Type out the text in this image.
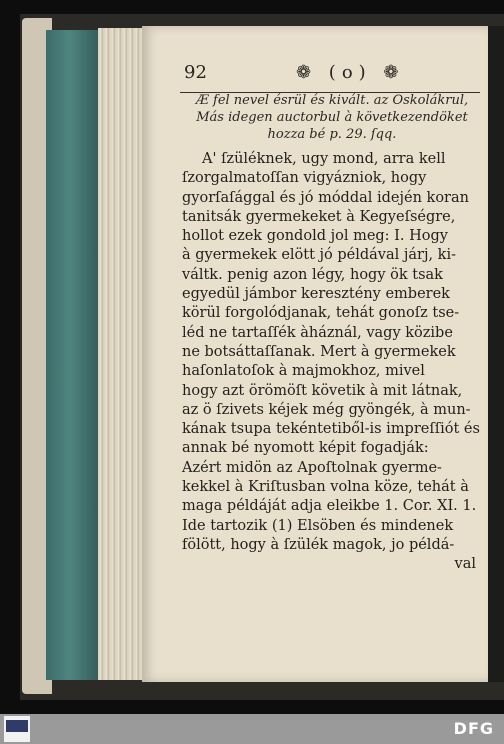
92	❁ (o) ❁
Æ fel nevel ésrül és kivált. az Oskolákrul,
Más idegen auctorbul à következendöket
hozza bé p. 29. ſqq.
A' ſzüléknek, ugy mond, arra kell
ſzorgalmatoſſan vigyázniok, hogy
gyorſaſággal és jó móddal idején koran
tanitsák gyermekeket à Kegyeſségre,
hollot ezek gondold jol meg: I. Hogy
à gyermekek elött jó példával járj, ki-
váltk. penig azon légy, hogy ök tsak
egyedül jámbor keresztény emberek
körül forgolódjanak, tehát gonoſz tse-
léd ne tartaſſék àháznál, vagy közibe
ne botsáttaſſanak. Mert à gyermekek
haſonlatoſok à majmokhoz, mivel
hogy azt örömöſt követik à mit látnak,
az ö ſzivets kéjek még gyöngék, à mun-
kának tsupa tekéntetiből-is impreſſiót és
annak bé nyomott képit fogadják:
Azért midön az Apoſtolnak gyerme-
kekkel à Kriſtusban volna köze, tehát à
maga példáját adja eleikbe 1. Cor. XI. 1.
Ide tartozik (1) Elsöben és mindenek
fölött, hogy à ſzülék magok, jo példá-
val
DFG
